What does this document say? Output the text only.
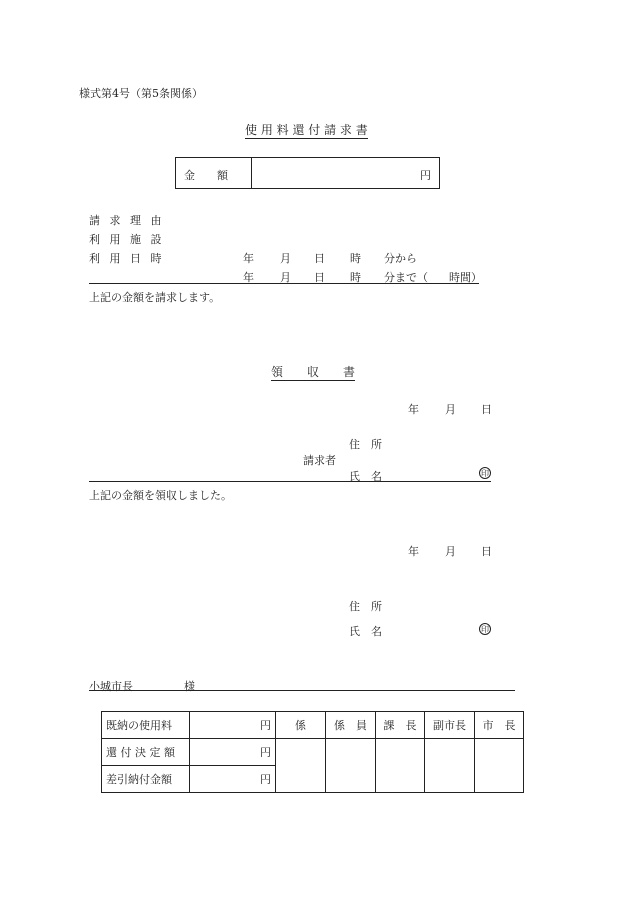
様式第4号（第5条関係）
使 用 料 還 付 請 求 書
金　　額	円
請 求 理 由
利 用 施 設
利 用 日 時	年 月 日 時 分から
年 月 日 時 分まで（ 時間）
上記の金額を請求します。
領　　収　　書
年 月 日
住　所
請求者
氏　名	印
上記の金額を領収しました。
年 月 日
住　所
氏　名	印
小城市長	様
既納の使用料	円	係	係　員	課　長	副市長	市　長
還 付 決 定 額	円					
差引納付金額	円					
